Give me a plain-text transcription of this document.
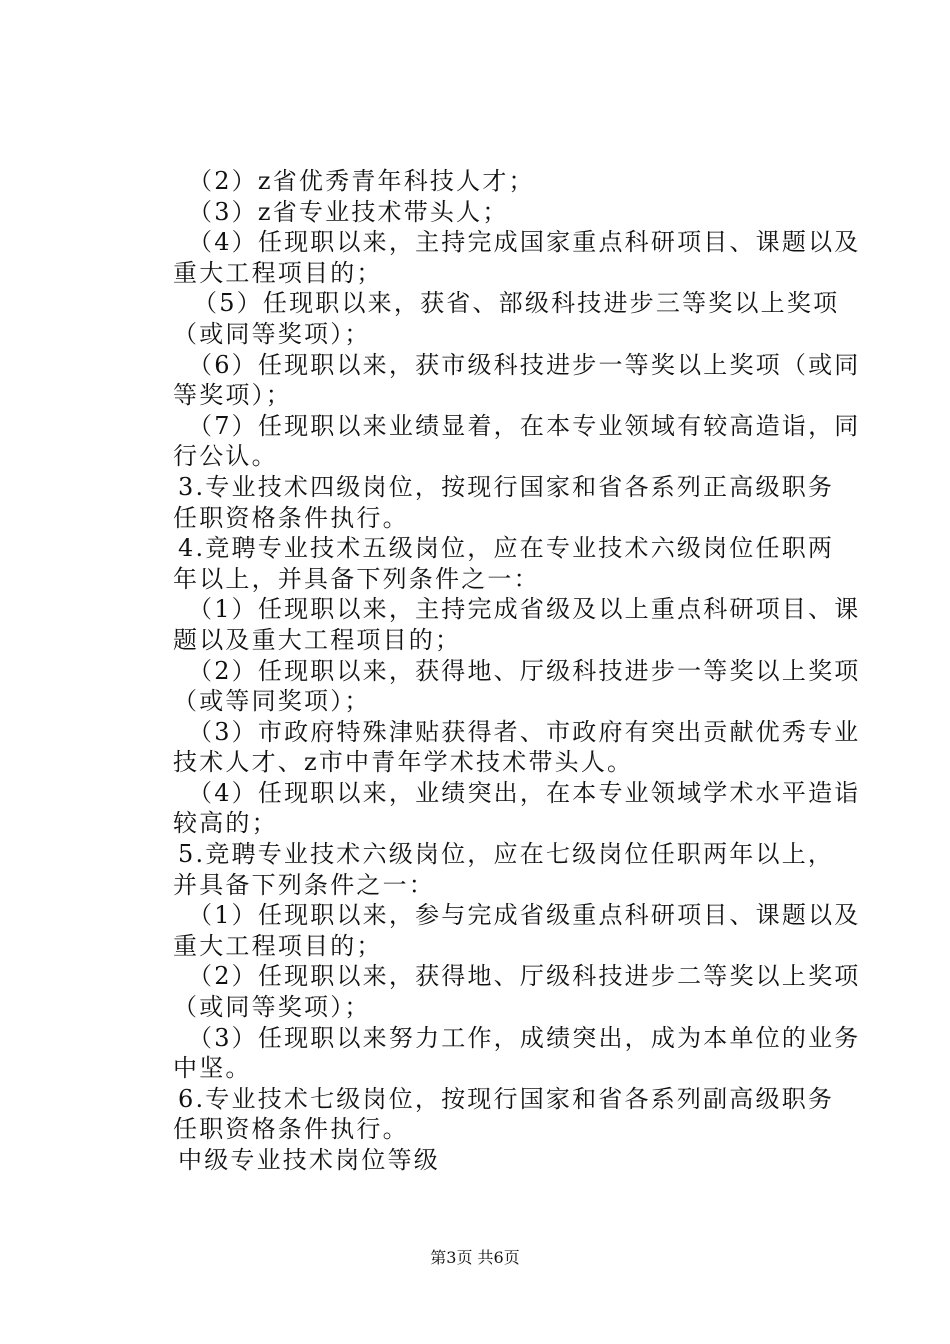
（2）z省优秀青年科技人才；
（3）z省专业技术带头人；
（4）任现职以来，主持完成国家重点科研项目、课题以及
重大工程项目的；
（5）任现职以来，获省、部级科技进步三等奖以上奖项
（或同等奖项）；
（6）任现职以来，获市级科技进步一等奖以上奖项（或同
等奖项）；
（7）任现职以来业绩显着，在本专业领域有较高造诣，同
行公认。
3.专业技术四级岗位，按现行国家和省各系列正高级职务
任职资格条件执行。
4.竞聘专业技术五级岗位，应在专业技术六级岗位任职两
年以上，并具备下列条件之一：
（1）任现职以来，主持完成省级及以上重点科研项目、课
题以及重大工程项目的；
（2）任现职以来，获得地、厅级科技进步一等奖以上奖项
（或等同奖项）；
（3）市政府特殊津贴获得者、市政府有突出贡献优秀专业
技术人才、z市中青年学术技术带头人。
（4）任现职以来，业绩突出，在本专业领域学术水平造诣
较高的；
5.竞聘专业技术六级岗位，应在七级岗位任职两年以上，
并具备下列条件之一：
（1）任现职以来，参与完成省级重点科研项目、课题以及
重大工程项目的；
（2）任现职以来，获得地、厅级科技进步二等奖以上奖项
（或同等奖项）；
（3）任现职以来努力工作，成绩突出，成为本单位的业务
中坚。
6.专业技术七级岗位，按现行国家和省各系列副高级职务
任职资格条件执行。
中级专业技术岗位等级
第3页 共6页
